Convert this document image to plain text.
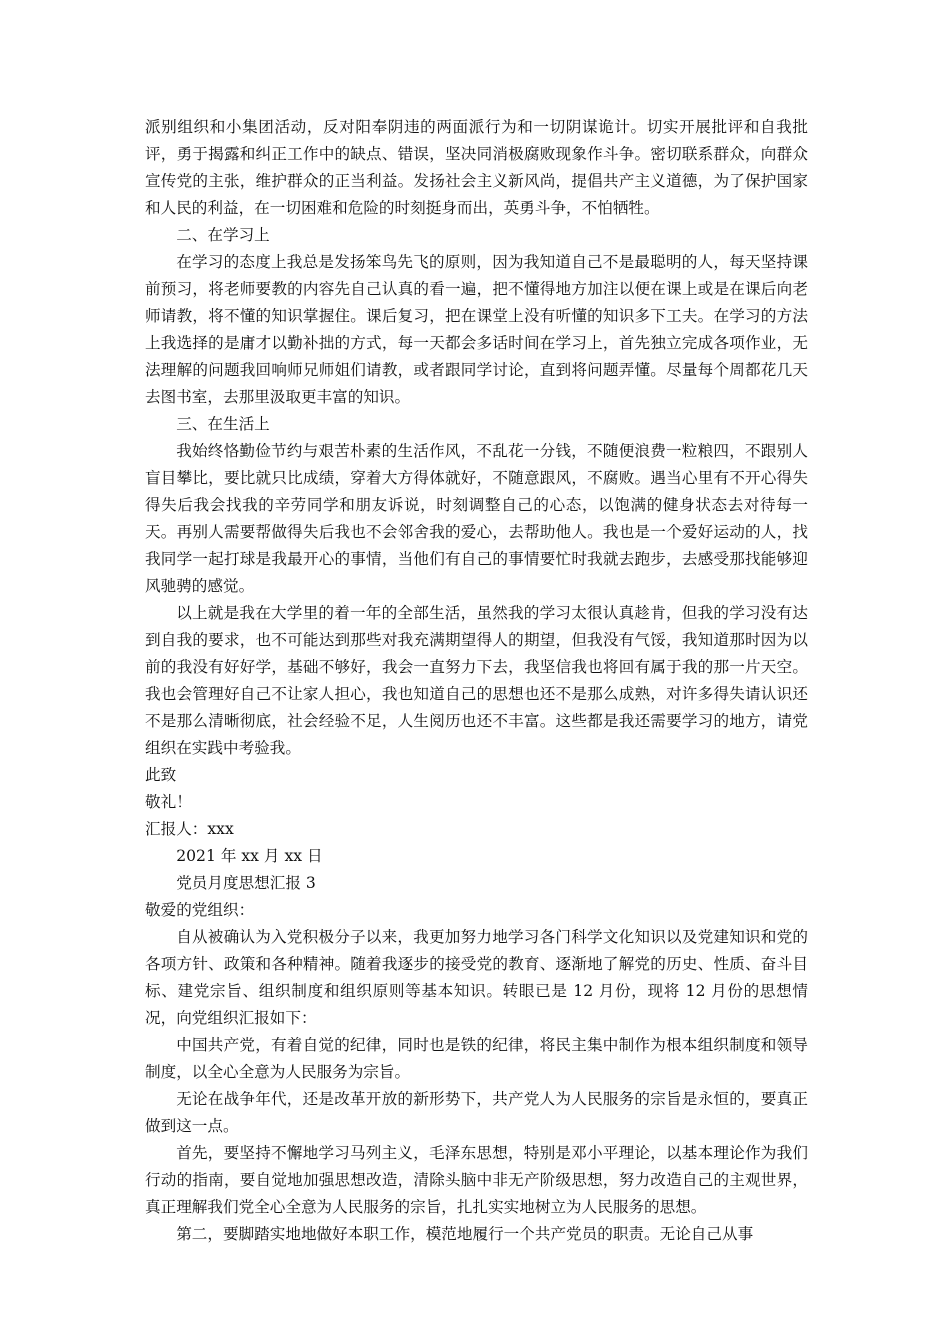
派别组织和小集团活动，反对阳奉阴违的两面派行为和一切阴谋诡计。切实开展批评和自我批评，勇于揭露和纠正工作中的缺点、错误，坚决同消极腐败现象作斗争。密切联系群众，向群众宣传党的主张，维护群众的正当利益。发扬社会主义新风尚，提倡共产主义道德，为了保护国家和人民的利益，在一切困难和危险的时刻挺身而出，英勇斗争，不怕牺牲。

二、在学习上

在学习的态度上我总是发扬笨鸟先飞的原则，因为我知道自己不是最聪明的人，每天坚持课前预习，将老师要教的内容先自己认真的看一遍，把不懂得地方加注以便在课上或是在课后向老师请教，将不懂的知识掌握住。课后复习，把在课堂上没有听懂的知识多下工夫。在学习的方法上我选择的是庸才以勤补拙的方式，每一天都会多话时间在学习上，首先独立完成各项作业，无法理解的问题我回响师兄师姐们请教，或者跟同学讨论，直到将问题弄懂。尽量每个周都花几天去图书室，去那里汲取更丰富的知识。

三、在生活上

我始终恪勤俭节约与艰苦朴素的生活作风，不乱花一分钱，不随便浪费一粒粮四，不跟别人盲目攀比，要比就只比成绩，穿着大方得体就好，不随意跟风，不腐败。遇当心里有不开心得失得失后我会找我的辛劳同学和朋友诉说，时刻调整自己的心态，以饱满的健身状态去对待每一天。再别人需要帮做得失后我也不会邻舍我的爱心，去帮助他人。我也是一个爱好运动的人，找我同学一起打球是我最开心的事情，当他们有自己的事情要忙时我就去跑步，去感受那找能够迎风驰骋的感觉。

以上就是我在大学里的着一年的全部生活，虽然我的学习太很认真趁肯，但我的学习没有达到自我的要求，也不可能达到那些对我充满期望得人的期望，但我没有气馁，我知道那时因为以前的我没有好好学，基础不够好，我会一直努力下去，我坚信我也将回有属于我的那一片天空。我也会管理好自己不让家人担心，我也知道自己的思想也还不是那么成熟，对许多得失请认识还不是那么清晰彻底，社会经验不足，人生阅历也还不丰富。这些都是我还需要学习的地方，请党组织在实践中考验我。

此致

敬礼！

汇报人：xxx

2021 年 xx 月 xx 日

党员月度思想汇报 3

敬爱的党组织：

自从被确认为入党积极分子以来，我更加努力地学习各门科学文化知识以及党建知识和党的各项方针、政策和各种精神。随着我逐步的接受党的教育、逐渐地了解党的历史、性质、奋斗目标、建党宗旨、组织制度和组织原则等基本知识。转眼已是 12 月份，现将 12 月份的思想情况，向党组织汇报如下：

中国共产党，有着自觉的纪律，同时也是铁的纪律，将民主集中制作为根本组织制度和领导制度，以全心全意为人民服务为宗旨。

无论在战争年代，还是改革开放的新形势下，共产党人为人民服务的宗旨是永恒的，要真正做到这一点。

首先，要坚持不懈地学习马列主义，毛泽东思想，特别是邓小平理论，以基本理论作为我们行动的指南，要自觉地加强思想改造，清除头脑中非无产阶级思想，努力改造自己的主观世界，真正理解我们党全心全意为人民服务的宗旨，扎扎实实地树立为人民服务的思想。

第二，要脚踏实地地做好本职工作，模范地履行一个共产党员的职责。无论自己从事
